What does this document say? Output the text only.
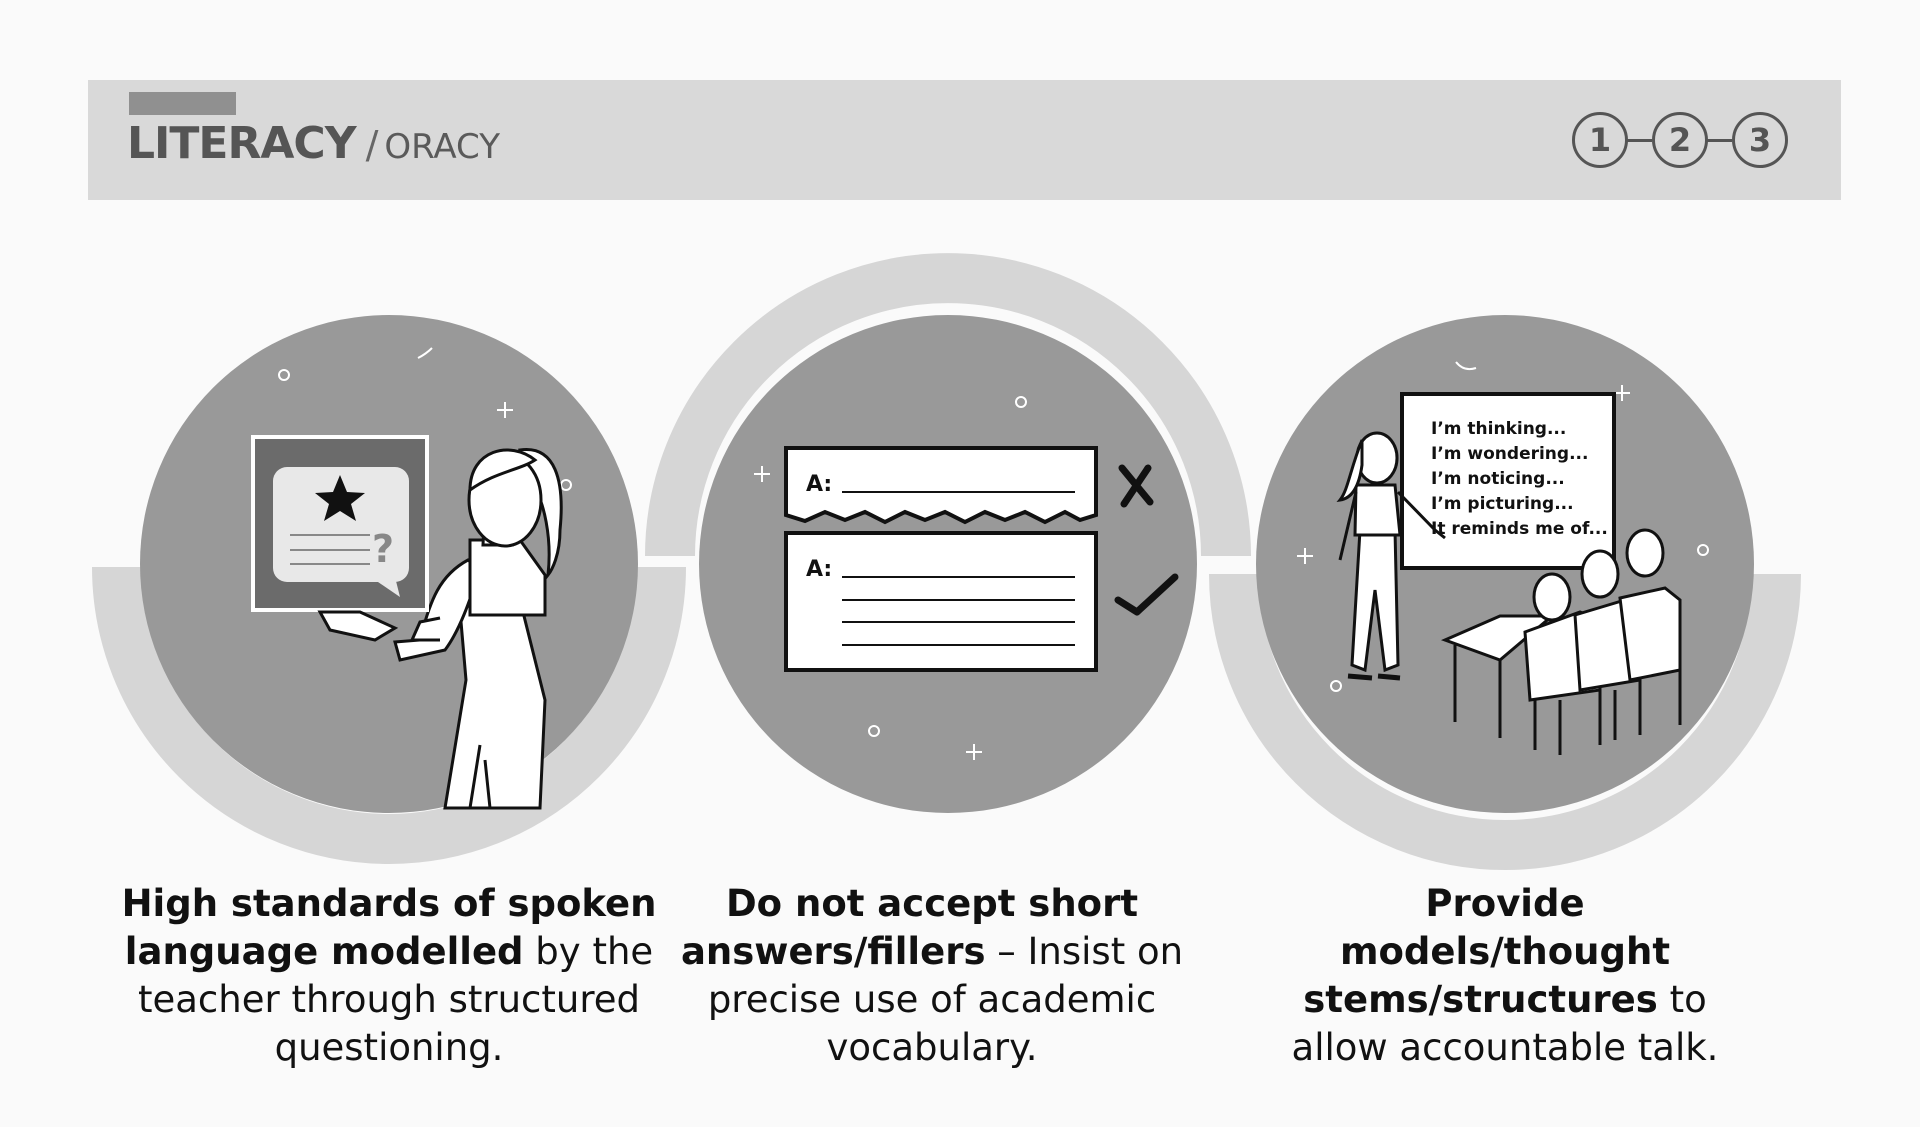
LITERACY / ORACY	1	2	3
?
A:
A:
I’m thinking... I’m wondering... I’m noticing... I’m picturing... It reminds me of...
High standards of spoken language modelled by the teacher through structured questioning.
Do not accept short answers/fillers – Insist on precise use of academic vocabulary.
Provide models/thought stems/structures to allow accountable talk.
